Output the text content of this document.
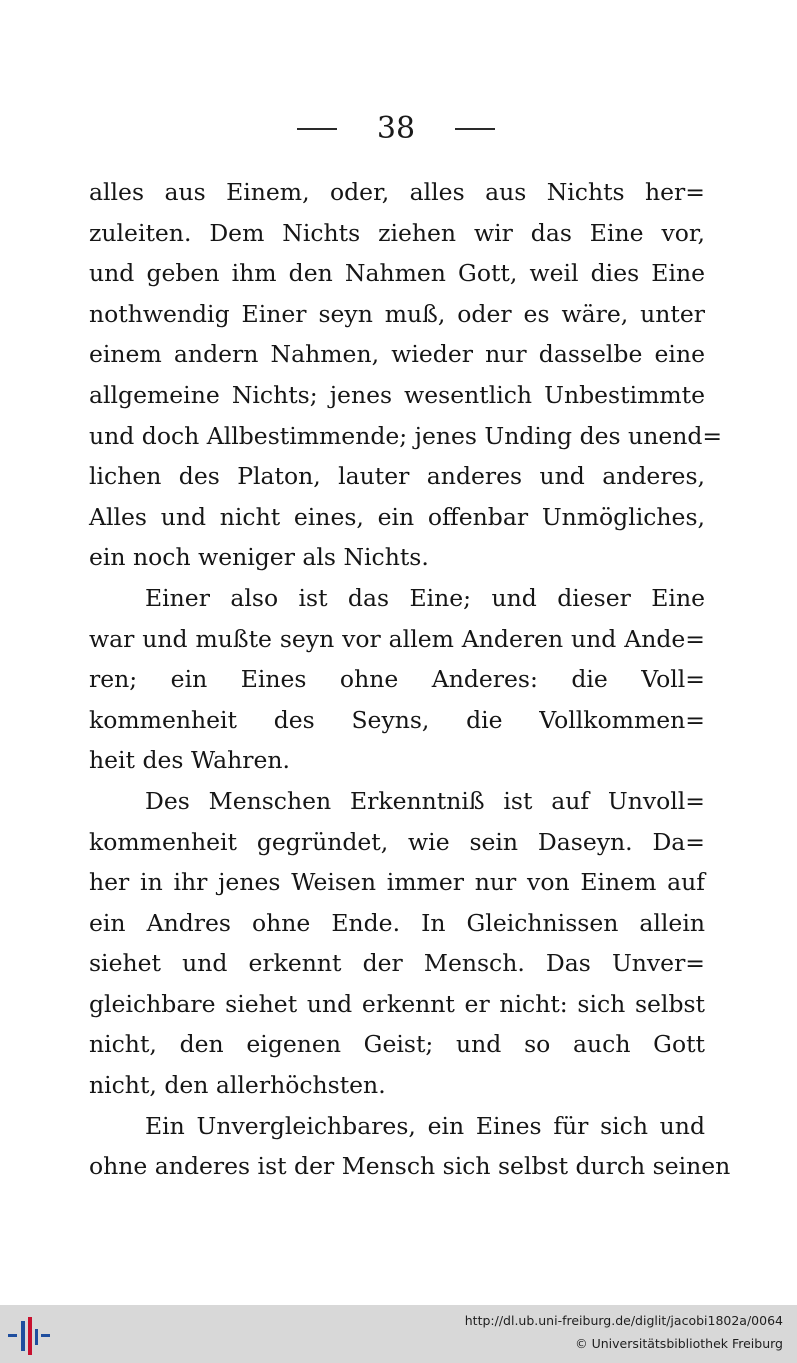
38
alles aus Einem, oder, alles aus Nichts her=
zuleiten. Dem Nichts ziehen wir das Eine vor,
und geben ihm den Nahmen Gott, weil dies Eine
nothwendig Einer seyn muß, oder es wäre, unter
einem andern Nahmen, wieder nur dasselbe eine
allgemeine Nichts; jenes wesentlich Unbestimmte
und doch Allbestimmende; jenes Unding des unend=
lichen des Platon, lauter anderes und anderes,
Alles und nicht eines, ein offenbar Unmögliches,
ein noch weniger als Nichts.
Einer also ist das Eine; und dieser Eine
war und mußte seyn vor allem Anderen und Ande=
ren; ein Eines ohne Anderes: die Voll=
kommenheit des Seyns, die Vollkommen=
heit des Wahren.
Des Menschen Erkenntniß ist auf Unvoll=
kommenheit gegründet, wie sein Daseyn. Da=
her in ihr jenes Weisen immer nur von Einem auf
ein Andres ohne Ende. In Gleichnissen allein
siehet und erkennt der Mensch. Das Unver=
gleichbare siehet und erkennt er nicht: sich selbst
nicht, den eigenen Geist; und so auch Gott
nicht, den allerhöchsten.
Ein Unvergleichbares, ein Eines für sich und
ohne anderes ist der Mensch sich selbst durch seinen
http://dl.ub.uni-freiburg.de/diglit/jacobi1802a/0064
© Universitätsbibliothek Freiburg
